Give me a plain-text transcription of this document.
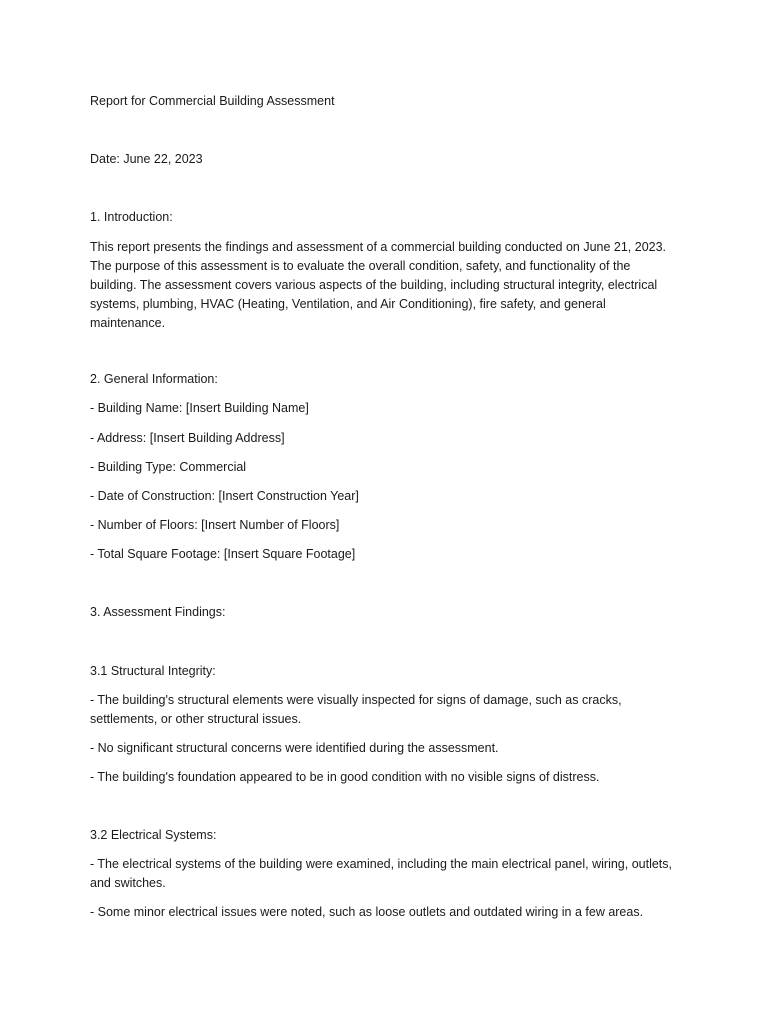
Report for Commercial Building Assessment

Date: June 22, 2023

1. Introduction:

This report presents the findings and assessment of a commercial building conducted on June 21, 2023. The purpose of this assessment is to evaluate the overall condition, safety, and functionality of the building. The assessment covers various aspects of the building, including structural integrity, electrical systems, plumbing, HVAC (Heating, Ventilation, and Air Conditioning), fire safety, and general maintenance.

2. General Information:

- Building Name: [Insert Building Name]

- Address: [Insert Building Address]

- Building Type: Commercial

- Date of Construction: [Insert Construction Year]

- Number of Floors: [Insert Number of Floors]

- Total Square Footage: [Insert Square Footage]

3. Assessment Findings:

3.1 Structural Integrity:

- The building's structural elements were visually inspected for signs of damage, such as cracks, settlements, or other structural issues.

- No significant structural concerns were identified during the assessment.

- The building's foundation appeared to be in good condition with no visible signs of distress.

3.2 Electrical Systems:

- The electrical systems of the building were examined, including the main electrical panel, wiring, outlets, and switches.

- Some minor electrical issues were noted, such as loose outlets and outdated wiring in a few areas.
